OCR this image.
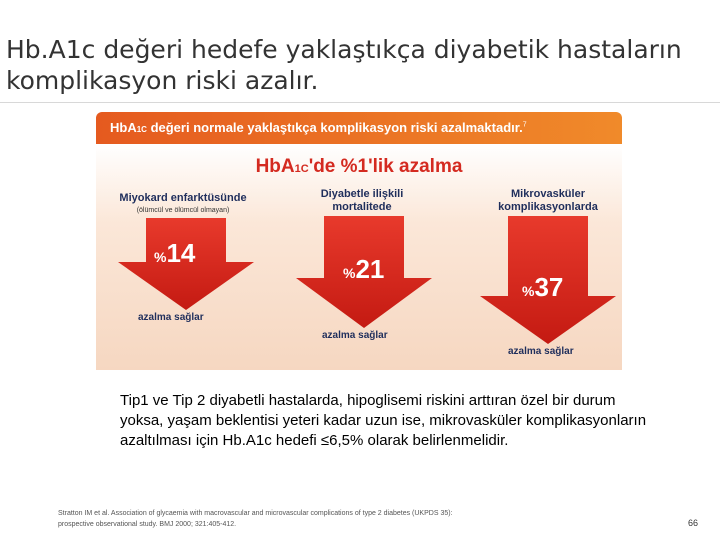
Hb.A1c değeri hedefe yaklaştıkça diyabetik hastaların komplikasyon riski azalır.
HbA1C değeri normale yaklaştıkça komplikasyon riski azalmaktadır.$^7$
HbA1C'de %1'lik azalma
Miyokard enfarktüsünde
(ölümcül ve ölümcül olmayan)
%14
azalma sağlar
Diyabetle ilişkili mortalitede
%21
azalma sağlar
Mikrovasküler komplikasyonlarda
%37
azalma sağlar
Tip1 ve Tip 2 diyabetli hastalarda, hipoglisemi riskini arttıran özel bir durum yoksa, yaşam beklentisi yeteri kadar uzun ise, mikrovasküler komplikasyonların azaltılması için Hb.A1c hedefi ≤6,5% olarak belirlenmelidir.
Stratton IM et al. Association of glycaemia with macrovascular and microvascular complications of type 2 diabetes (UKPDS 35): prospective observational study. BMJ 2000; 321:405-412.	66
